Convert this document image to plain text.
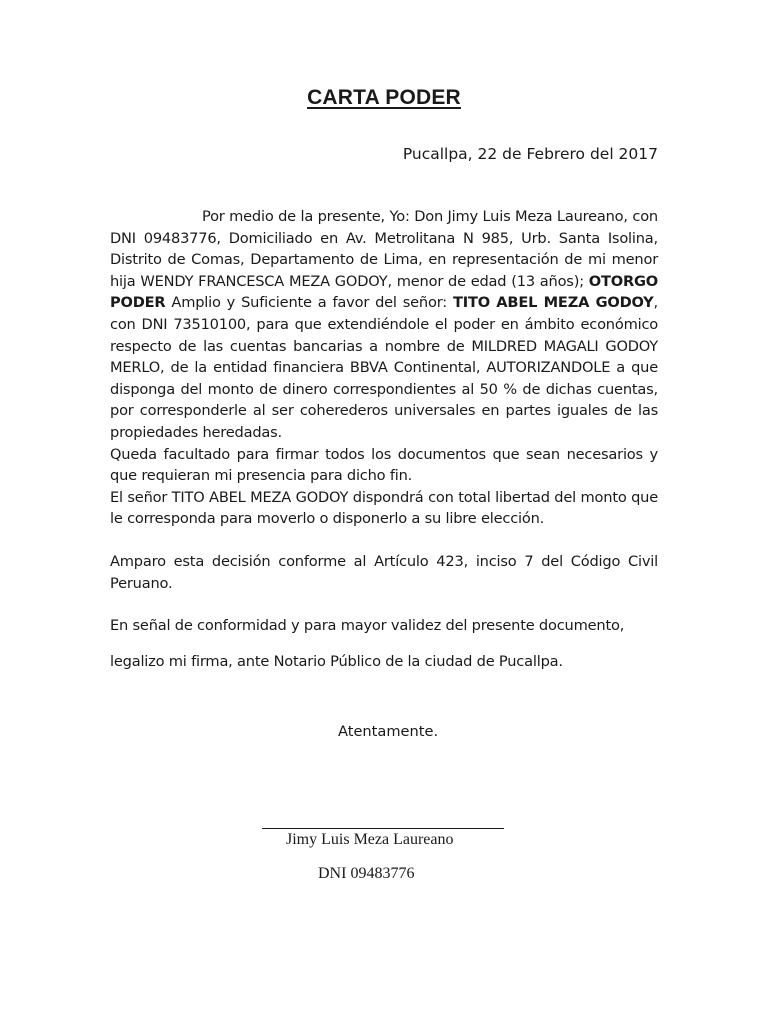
CARTA PODER
Pucallpa, 22 de Febrero del 2017

Por medio de la presente, Yo: Don Jimy Luis Meza Laureano, con DNI 09483776, Domiciliado en Av. Metrolitana N 985, Urb. Santa Isolina, Distrito de Comas, Departamento de Lima, en representación de mi menor hija WENDY FRANCESCA MEZA GODOY, menor de edad (13 años); OTORGO PODER Amplio y Suficiente a favor del señor: TITO ABEL MEZA GODOY, con DNI 73510100, para que extendiéndole el poder en ámbito económico respecto de las cuentas bancarias a nombre de MILDRED MAGALI GODOY MERLO, de la entidad financiera BBVA Continental, AUTORIZANDOLE a que disponga del monto de dinero correspondientes al 50 % de dichas cuentas, por corresponderle al ser coherederos universales en partes iguales de las propiedades heredadas.

Queda facultado para firmar todos los documentos que sean necesarios y que requieran mi presencia para dicho fin.

El señor TITO ABEL MEZA GODOY dispondrá con total libertad del monto que le corresponda para moverlo o disponerlo a su libre elección.

Amparo esta decisión conforme al Artículo 423, inciso 7 del Código Civil Peruano.

En señal de conformidad y para mayor validez del presente documento,

legalizo mi firma, ante Notario Público de la ciudad de Pucallpa.

Atentamente.
Jimy Luis Meza Laureano
DNI 09483776
